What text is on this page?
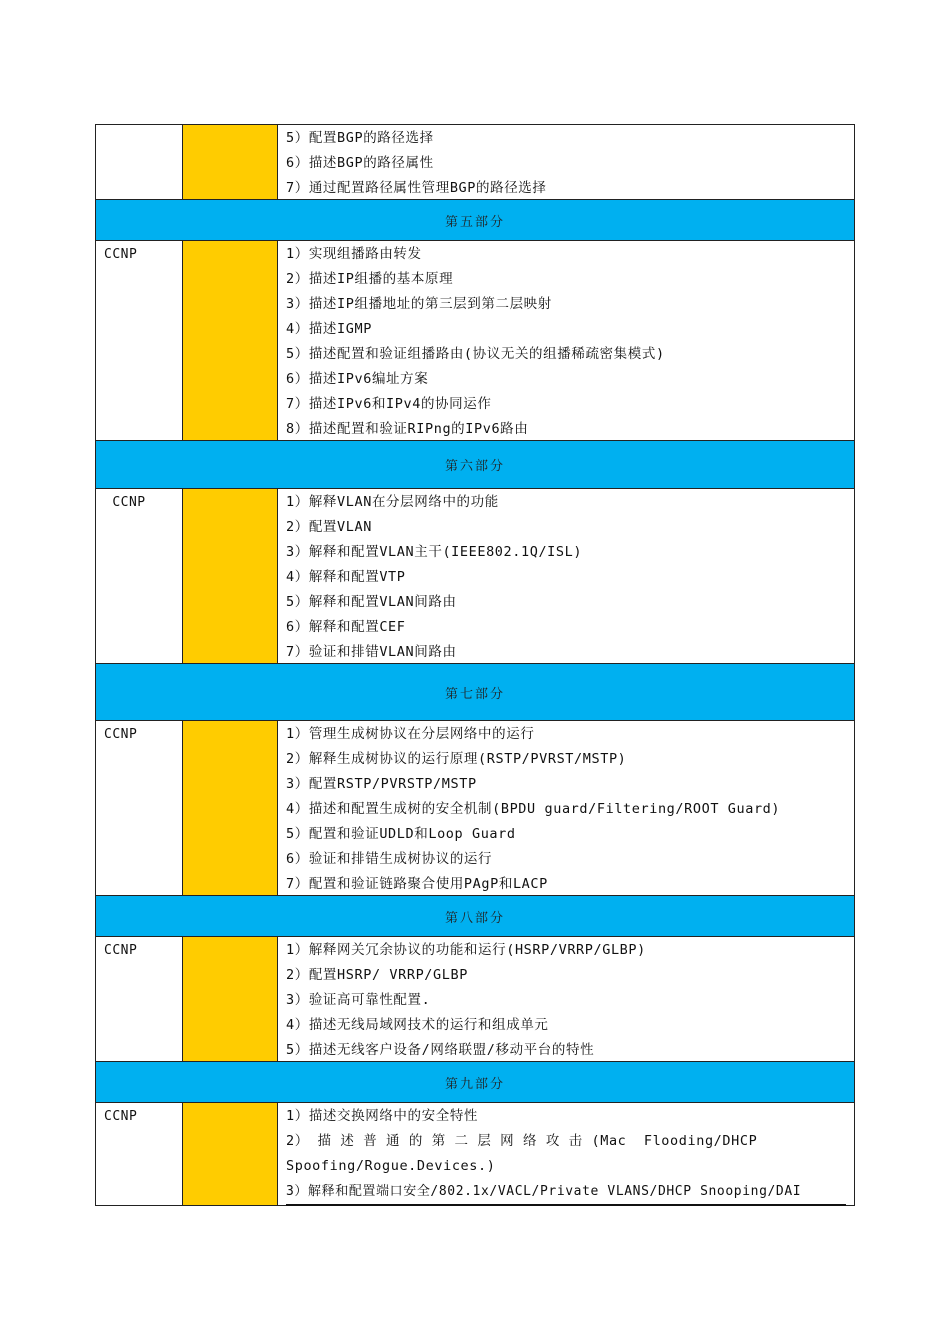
5）配置BGP的路径选择
6）描述BGP的路径属性
7）通过配置路径属性管理BGP的路径选择
第五部分
CCNP	1）实现组播路由转发
2）描述IP组播的基本原理
3）描述IP组播地址的第三层到第二层映射
4）描述IGMP
5）描述配置和验证组播路由(协议无关的组播稀疏密集模式)
6）描述IPv6编址方案
7）描述IPv6和IPv4的协同运作
8）描述配置和验证RIPng的IPv6路由
第六部分
CCNP	1）解释VLAN在分层网络中的功能
2）配置VLAN
3）解释和配置VLAN主干(IEEE802.1Q/ISL)
4）解释和配置VTP
5）解释和配置VLAN间路由
6）解释和配置CEF
7）验证和排错VLAN间路由
第七部分
CCNP	1）管理生成树协议在分层网络中的运行
2）解释生成树协议的运行原理(RSTP/PVRST/MSTP)
3）配置RSTP/PVRSTP/MSTP
4）描述和配置生成树的安全机制(BPDU guard/Filtering/ROOT Guard)
5）配置和验证UDLD和Loop Guard
6）验证和排错生成树协议的运行
7）配置和验证链路聚合使用PAgP和LACP
第八部分
CCNP	1）解释网关冗余协议的功能和运行(HSRP/VRRP/GLBP)
2）配置HSRP/ VRRP/GLBP
3）验证高可靠性配置.
4）描述无线局域网技术的运行和组成单元
5）描述无线客户设备/网络联盟/移动平台的特性
第九部分
CCNP	1）描述交换网络中的安全特性
2） 描 述 普 通 的 第 二 层 网 络 攻 击 (Mac  Flooding/DHCP
Spoofing/Rogue.Devices.)
3）解释和配置端口安全/802.1x/VACL/Private VLANS/DHCP Snooping/DAI
